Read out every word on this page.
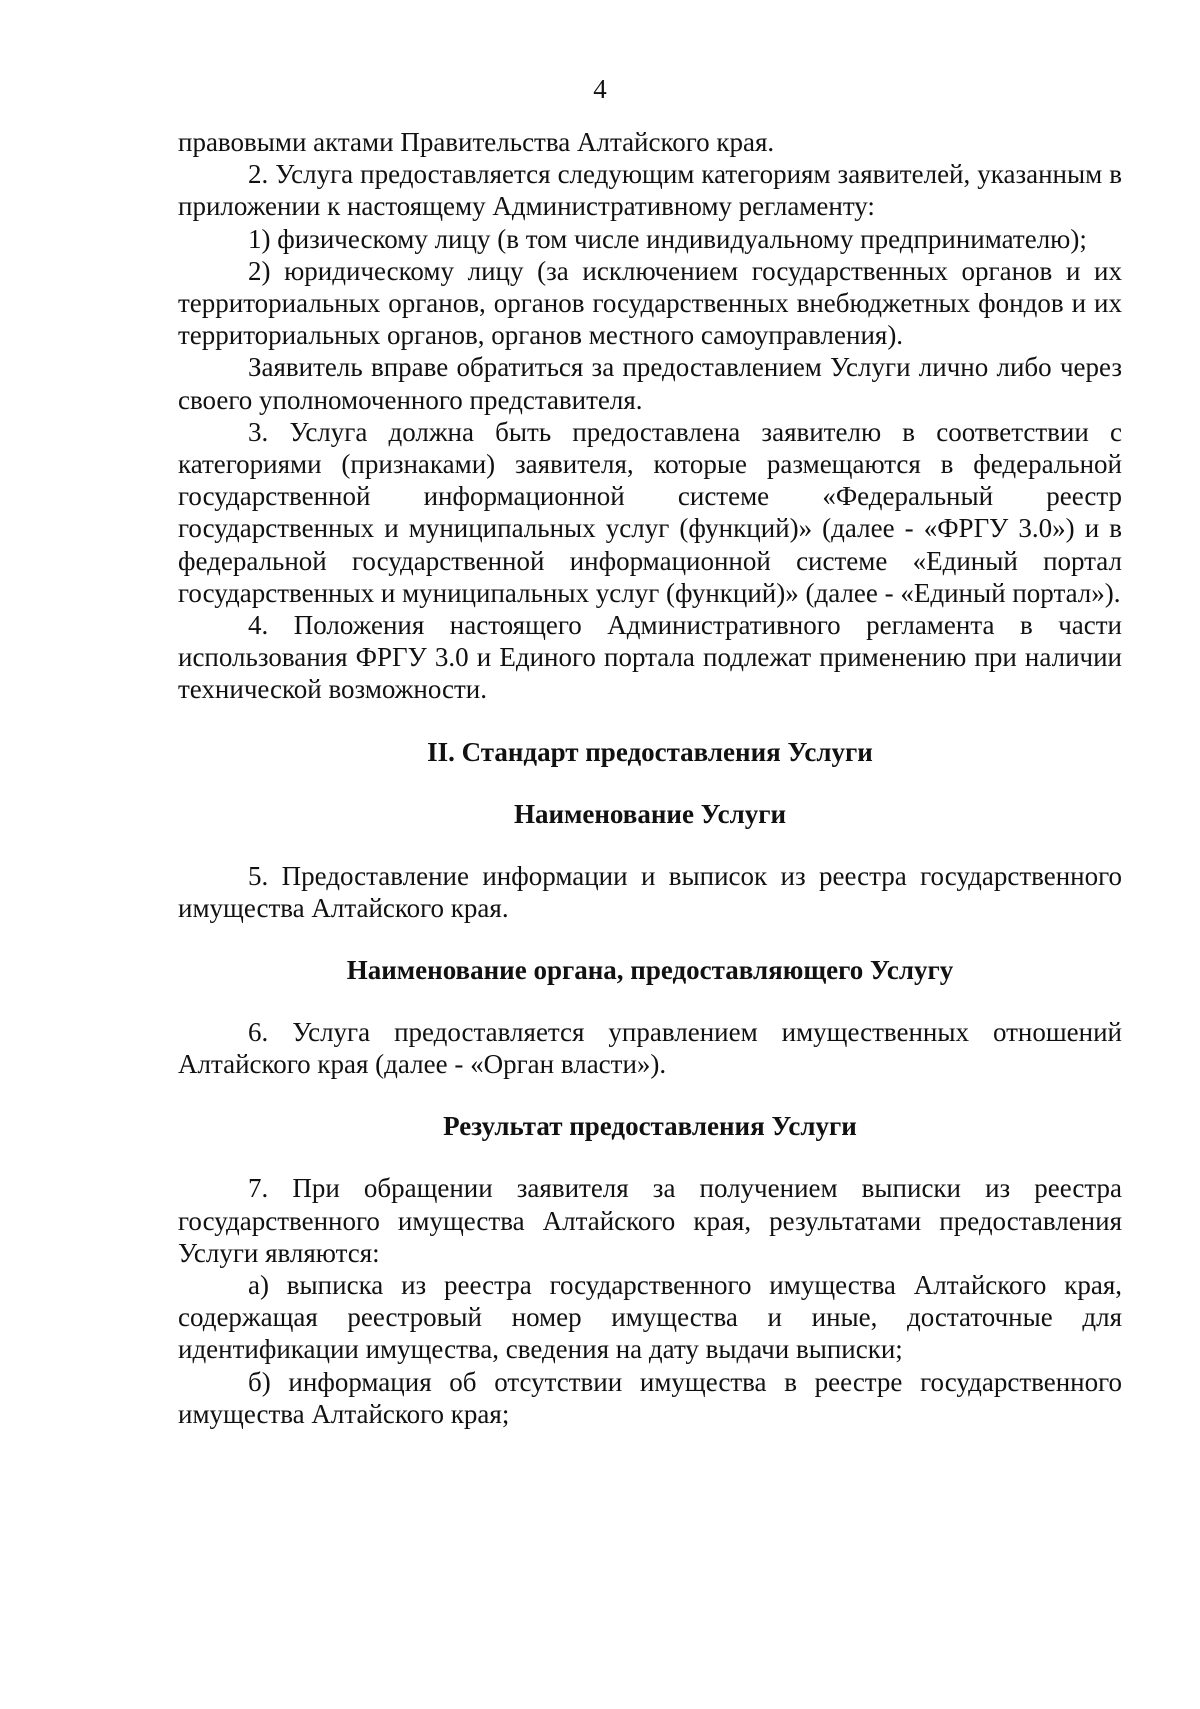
4

правовыми актами Правительства Алтайского края.

2. Услуга предоставляется следующим категориям заявителей, указанным в приложении к настоящему Административному регламенту:

1) физическому лицу (в том числе индивидуальному предпринимателю);

2) юридическому лицу (за исключением государственных органов и их территориальных органов, органов государственных внебюджетных фондов и их территориальных органов, органов местного самоуправления).

Заявитель вправе обратиться за предоставлением Услуги лично либо через своего уполномоченного представителя.

3. Услуга должна быть предоставлена заявителю в соответствии с категориями (признаками) заявителя, которые размещаются в федеральной государственной информационной системе «Федеральный реестр государственных и муниципальных услуг (функций)» (далее - «ФРГУ 3.0») и в федеральной государственной информационной системе «Единый портал государственных и муниципальных услуг (функций)» (далее - «Единый портал»).

4. Положения настоящего Административного регламента в части использования ФРГУ 3.0 и Единого портала подлежат применению при наличии технической возможности.

II. Стандарт предоставления Услуги
Наименование Услуги

5. Предоставление информации и выписок из реестра государственного имущества Алтайского края.

Наименование органа, предоставляющего Услугу

6. Услуга предоставляется управлением имущественных отношений Алтайского края (далее - «Орган власти»).

Результат предоставления Услуги

7. При обращении заявителя за получением выписки из реестра государственного имущества Алтайского края, результатами предоставления Услуги являются:

а) выписка из реестра государственного имущества Алтайского края, содержащая реестровый номер имущества и иные, достаточные для идентификации имущества, сведения на дату выдачи выписки;

б) информация об отсутствии имущества в реестре государственного имущества Алтайского края;
